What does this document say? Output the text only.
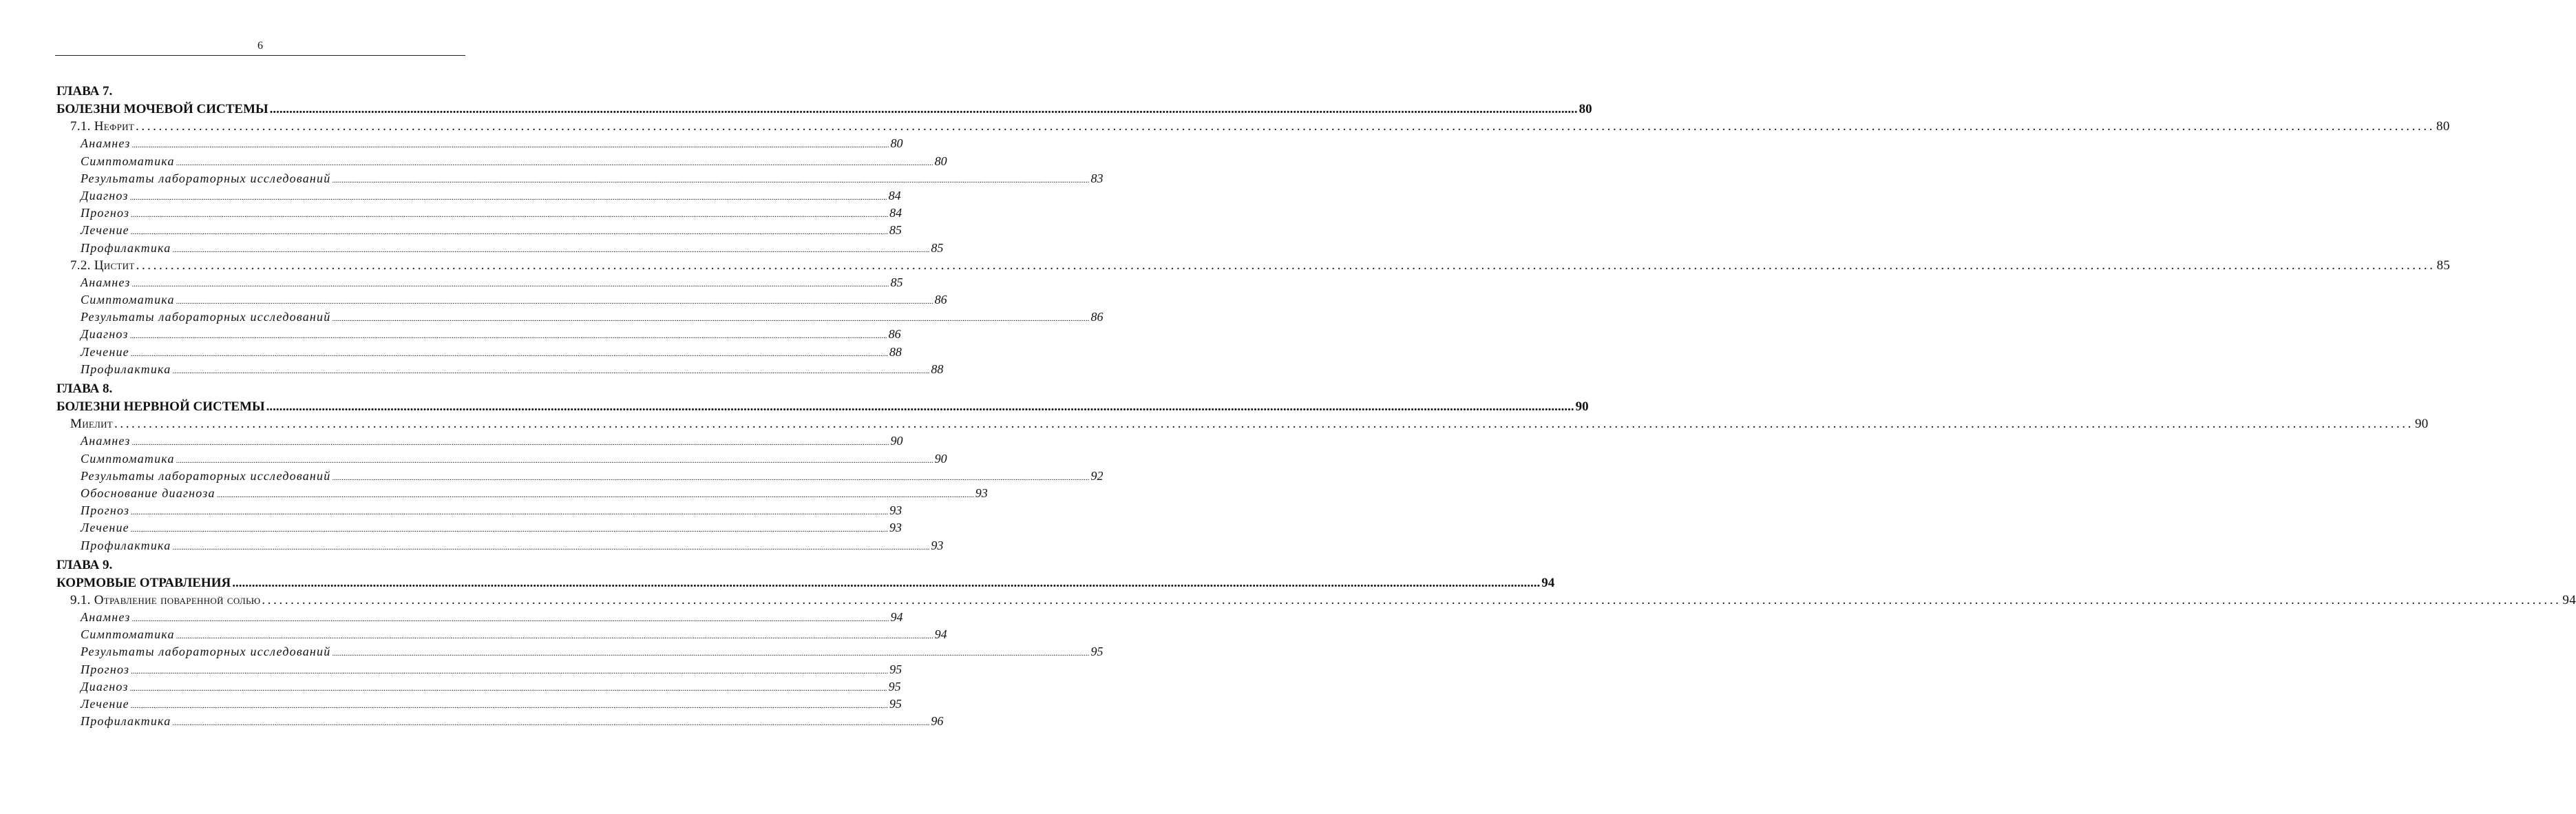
6
ГЛАВА 7.
БОЛЕЗНИ МОЧЕВОЙ СИСТЕМЫ ................................................................................................................................................................................................................................................................................................................................................................................................................ 80
7.1. Нефрит ................................................................................................................................................................................................................................................................................................................................................................................................................ 80
Анамнез ................................................................................................................................................................................................................................................................................................................................................................................................................ 80
Симптоматика ................................................................................................................................................................................................................................................................................................................................................................................................................ 80
Результаты лабораторных исследований ................................................................................................................................................................................................................................................................................................................................................................................................................ 83
Диагноз ................................................................................................................................................................................................................................................................................................................................................................................................................ 84
Прогноз ................................................................................................................................................................................................................................................................................................................................................................................................................ 84
Лечение ................................................................................................................................................................................................................................................................................................................................................................................................................ 85
Профилактика ................................................................................................................................................................................................................................................................................................................................................................................................................ 85
7.2. Цистит ................................................................................................................................................................................................................................................................................................................................................................................................................ 85
Анамнез ................................................................................................................................................................................................................................................................................................................................................................................................................ 85
Симптоматика ................................................................................................................................................................................................................................................................................................................................................................................................................ 86
Результаты лабораторных исследований ................................................................................................................................................................................................................................................................................................................................................................................................................ 86
Диагноз ................................................................................................................................................................................................................................................................................................................................................................................................................ 86
Лечение ................................................................................................................................................................................................................................................................................................................................................................................................................ 88
Профилактика ................................................................................................................................................................................................................................................................................................................................................................................................................ 88
ГЛАВА 8.
БОЛЕЗНИ НЕРВНОЙ СИСТЕМЫ ................................................................................................................................................................................................................................................................................................................................................................................................................ 90
Миелит ................................................................................................................................................................................................................................................................................................................................................................................................................ 90
Анамнез ................................................................................................................................................................................................................................................................................................................................................................................................................ 90
Симптоматика ................................................................................................................................................................................................................................................................................................................................................................................................................ 90
Результаты лабораторных исследований ................................................................................................................................................................................................................................................................................................................................................................................................................ 92
Обоснование диагноза ................................................................................................................................................................................................................................................................................................................................................................................................................ 93
Прогноз ................................................................................................................................................................................................................................................................................................................................................................................................................ 93
Лечение ................................................................................................................................................................................................................................................................................................................................................................................................................ 93
Профилактика ................................................................................................................................................................................................................................................................................................................................................................................................................ 93
ГЛАВА 9.
КОРМОВЫЕ ОТРАВЛЕНИЯ ................................................................................................................................................................................................................................................................................................................................................................................................................ 94
9.1. Отравление поваренной солью ................................................................................................................................................................................................................................................................................................................................................................................................................ 94
Анамнез ................................................................................................................................................................................................................................................................................................................................................................................................................ 94
Симптоматика ................................................................................................................................................................................................................................................................................................................................................................................................................ 94
Результаты лабораторных исследований ................................................................................................................................................................................................................................................................................................................................................................................................................ 95
Прогноз ................................................................................................................................................................................................................................................................................................................................................................................................................ 95
Диагноз ................................................................................................................................................................................................................................................................................................................................................................................................................ 95
Лечение ................................................................................................................................................................................................................................................................................................................................................................................................................ 95
Профилактика ................................................................................................................................................................................................................................................................................................................................................................................................................ 96
